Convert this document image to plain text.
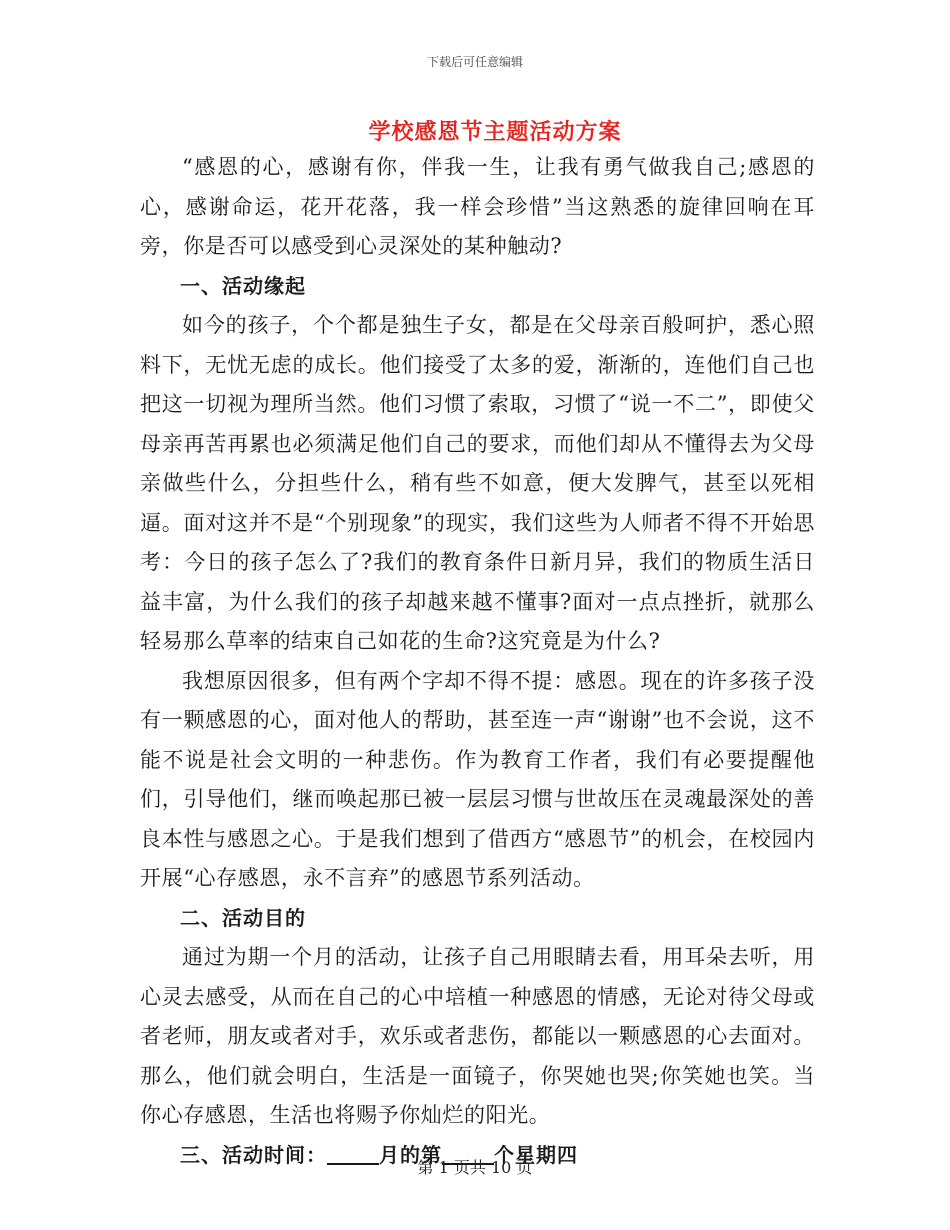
下载后可任意编辑
学校感恩节主题活动方案

“感恩的心，感谢有你，伴我一生，让我有勇气做我自己;感恩的心，感谢命运，花开花落，我一样会珍惜”当这熟悉的旋律回响在耳旁，你是否可以感受到心灵深处的某种触动?

一、活动缘起

如今的孩子，个个都是独生子女，都是在父母亲百般呵护，悉心照料下，无忧无虑的成长。他们接受了太多的爱，渐渐的，连他们自己也把这一切视为理所当然。他们习惯了索取，习惯了“说一不二”，即使父母亲再苦再累也必须满足他们自己的要求，而他们却从不懂得去为父母亲做些什么，分担些什么，稍有些不如意，便大发脾气，甚至以死相逼。面对这并不是“个别现象”的现实，我们这些为人师者不得不开始思考：今日的孩子怎么了?我们的教育条件日新月异，我们的物质生活日益丰富，为什么我们的孩子却越来越不懂事?面对一点点挫折，就那么轻易那么草率的结束自己如花的生命?这究竟是为什么?

我想原因很多，但有两个字却不得不提：感恩。现在的许多孩子没有一颗感恩的心，面对他人的帮助，甚至连一声“谢谢”也不会说，这不能不说是社会文明的一种悲伤。作为教育工作者，我们有必要提醒他们，引导他们，继而唤起那已被一层层习惯与世故压在灵魂最深处的善良本性与感恩之心。于是我们想到了借西方“感恩节”的机会，在校园内开展“心存感恩，永不言弃”的感恩节系列活动。

二、活动目的

通过为期一个月的活动，让孩子自己用眼睛去看，用耳朵去听，用心灵去感受，从而在自己的心中培植一种感恩的情感，无论对待父母或者老师，朋友或者对手，欢乐或者悲伤，都能以一颗感恩的心去面对。那么，他们就会明白，生活是一面镜子，你哭她也哭;你笑她也笑。当你心存感恩，生活也将赐予你灿烂的阳光。

三、活动时间：	月的第	个星期四

第 1 页共 10 页
